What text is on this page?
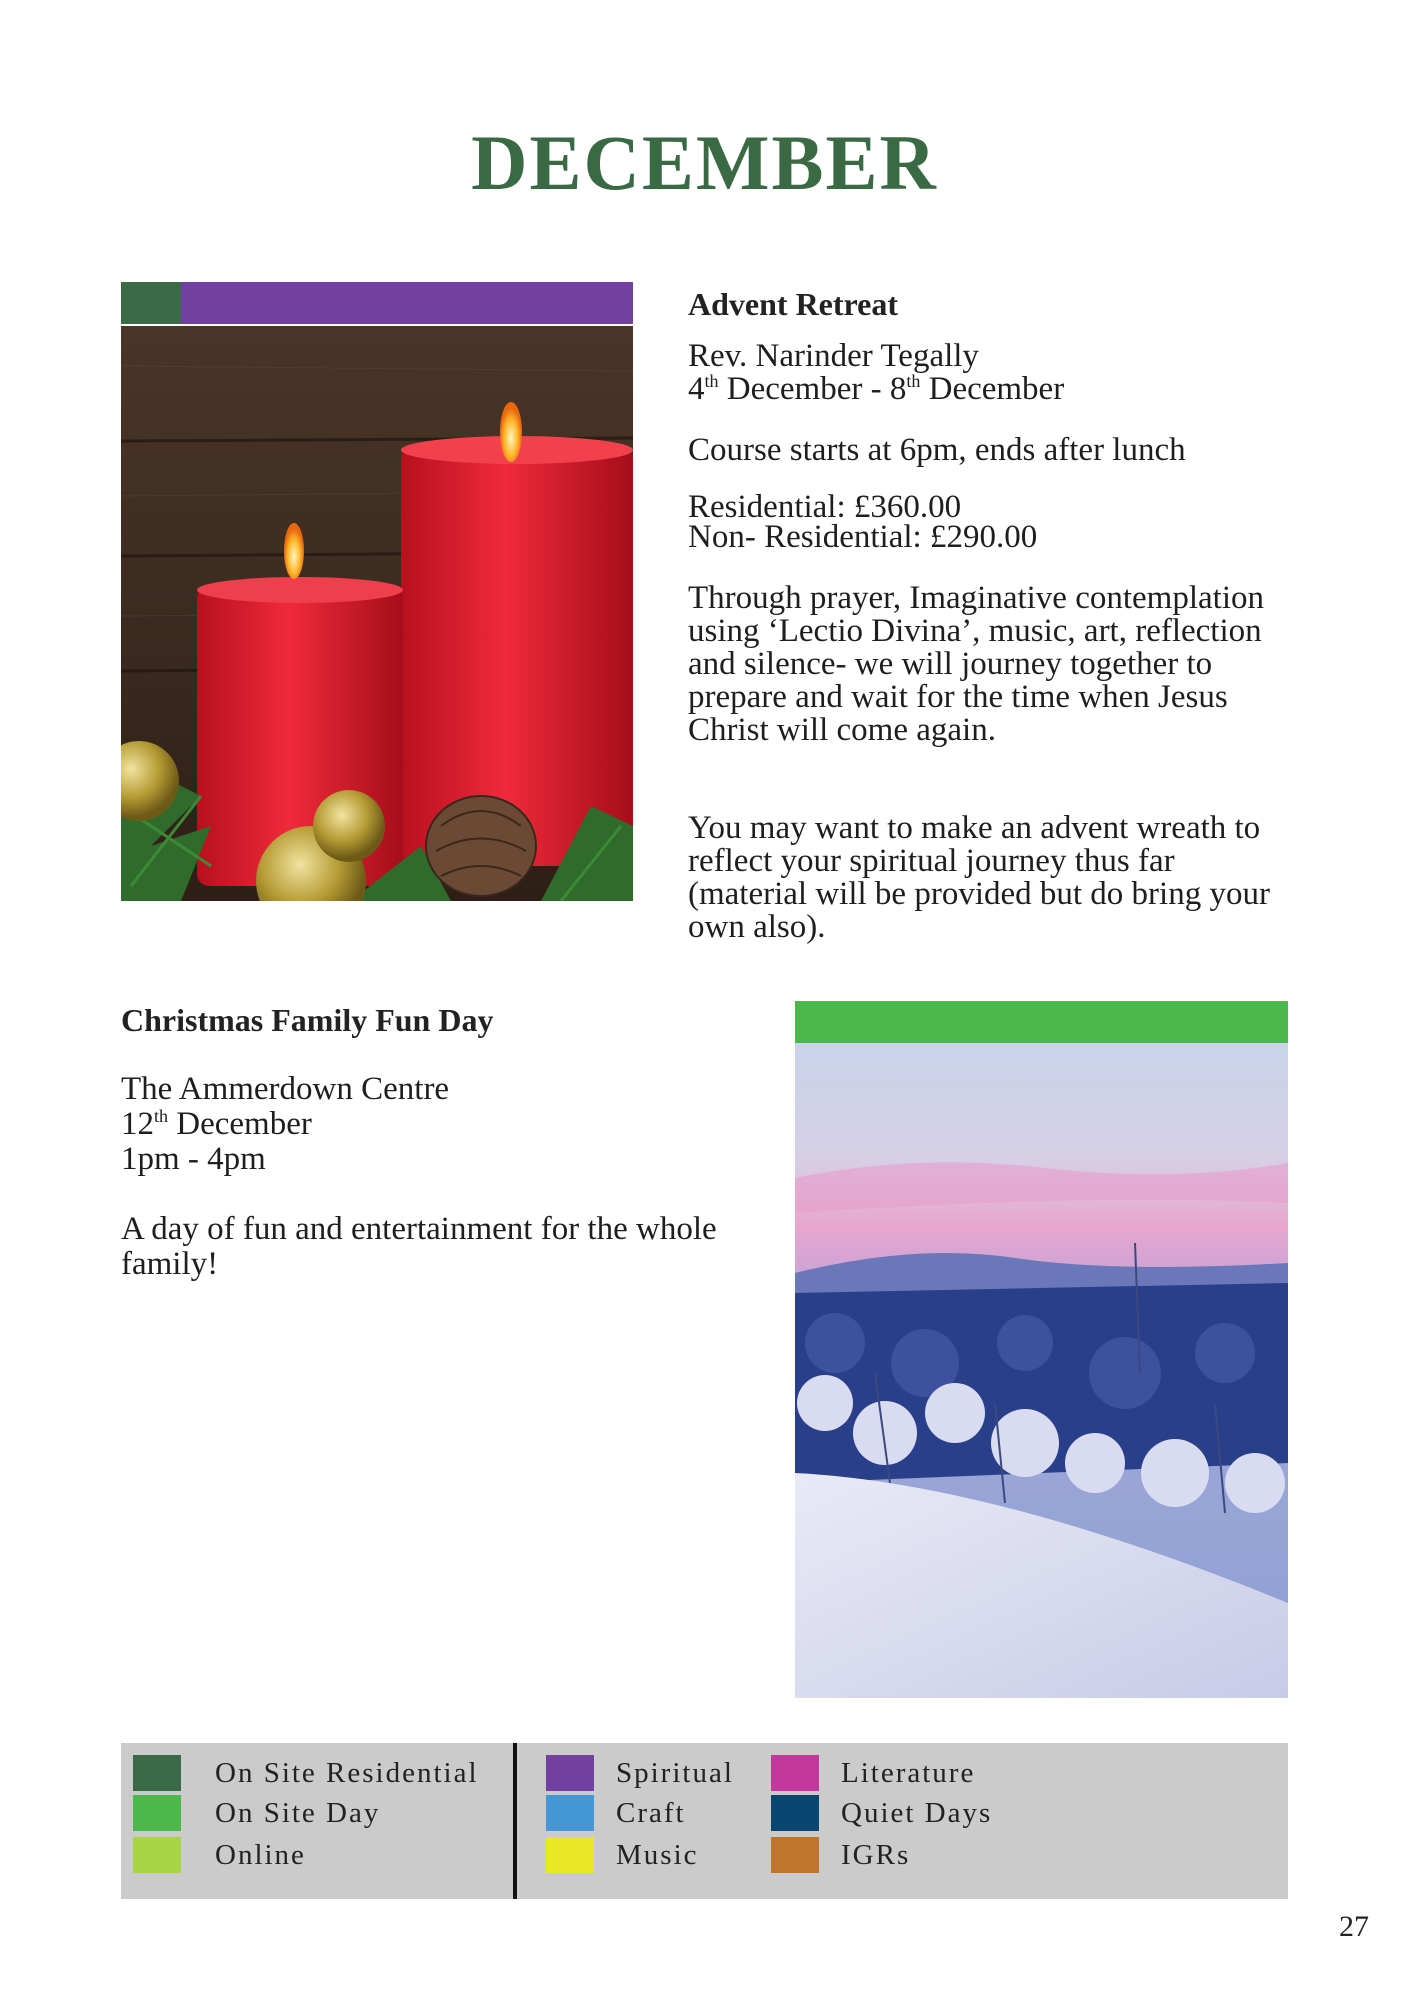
DECEMBER
Advent Retreat

Rev. Narinder Tegally

4th December - 8th December

Course starts at 6pm, ends after lunch

Residential: £360.00

Non- Residential: £290.00

Through prayer, Imaginative contemplation using ‘Lectio Divina’, music, art, reflection and silence- we will journey together to prepare and wait for the time when Jesus Christ will come again.
You may want to make an advent wreath to reflect your spiritual journey thus far (material will be provided but do bring your own also).
Christmas Family Fun Day

The Ammerdown Centre

12th December

1pm - 4pm

A day of fun and entertainment for the whole family!
On Site Residential
On Site Day
Online
Spiritual
Craft
Music
Literature
Quiet Days
IGRs
27
